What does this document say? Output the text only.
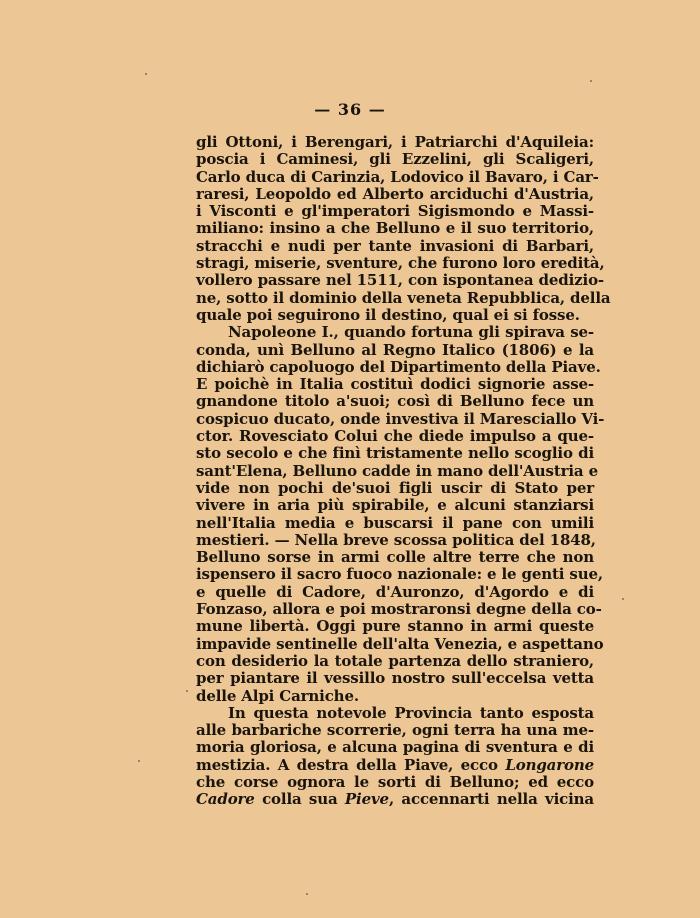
— 36 —
gli Ottoni, i Berengari, i Patriarchi d'Aquileia:
poscia i Caminesi, gli Ezzelini, gli Scaligeri,
Carlo duca di Carinzia, Lodovico il Bavaro, i Car-
raresi, Leopoldo ed Alberto arciduchi d'Austria,
i Visconti e gl'imperatori Sigismondo e Massi-
miliano: insino a che Belluno e il suo territorio,
stracchi e nudi per tante invasioni di Barbari,
stragi, miserie, sventure, che furono loro eredità,
vollero passare nel 1511, con ispontanea dedizio-
ne, sotto il dominio della veneta Repubblica, della
quale poi seguirono il destino, qual ei si fosse.
Napoleone I., quando fortuna gli spirava se-
conda, unì Belluno al Regno Italico (1806) e la
dichiarò capoluogo del Dipartimento della Piave.
E poichè in Italia costituì dodici signorie asse-
gnandone titolo a'suoi; così di Belluno fece un
cospicuo ducato, onde investiva il Maresciallo Vi-
ctor. Rovesciato Colui che diede impulso a que-
sto secolo e che finì tristamente nello scoglio di
sant'Elena, Belluno cadde in mano dell'Austria e
vide non pochi de'suoi figli uscir di Stato per
vivere in aria più spirabile, e alcuni stanziarsi
nell'Italia media e buscarsi il pane con umili
mestieri. — Nella breve scossa politica del 1848,
Belluno sorse in armi colle altre terre che non
ispensero il sacro fuoco nazionale: e le genti sue,
e quelle di Cadore, d'Auronzo, d'Agordo e di
Fonzaso, allora e poi mostraronsi degne della co-
mune libertà. Oggi pure stanno in armi queste
impavide sentinelle dell'alta Venezia, e aspettano
con desiderio la totale partenza dello straniero,
per piantare il vessillo nostro sull'eccelsa vetta
delle Alpi Carniche.
In questa notevole Provincia tanto esposta
alle barbariche scorrerie, ogni terra ha una me-
moria gloriosa, e alcuna pagina di sventura e di
mestizia. A destra della Piave, ecco Longarone
che corse ognora le sorti di Belluno; ed ecco
Cadore colla sua Pieve, accennarti nella vicina
